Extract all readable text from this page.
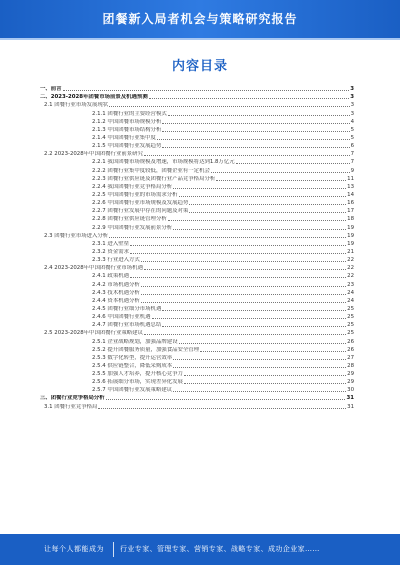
团餐新入局者机会与策略研究报告
内容目录
一、前言	3
二、2023-2028年团餐市场前景及机遇预测	3
2.1 团餐行业市场发展现状	3
2.1.1 团餐行业的主要经营模式	3
2.1.2 中国团餐市场规模分析	4
2.1.3 中国团餐市场结构分析	5
2.1.4 中国团餐行业集中度	5
2.1.5 中国团餐行业发展趋势	6
2.2 2023-2028年中国团餐行业前景研究	7
2.2.1 我国团餐市场规模及增速，市场规模将达到1.8万亿元	7
2.2.2 团餐行业集中度较低，团餐企业有一定机会	9
2.2.3 团餐行业供应链及团餐行业产品竞争格局分析	11
2.2.4 我国团餐行业竞争格局分析	13
2.2.5 中国团餐行业的市场需求分析	14
2.2.6 中国团餐行业市场规模及发展趋势	16
2.2.7 团餐行业发展中存在的问题及对策	17
2.2.8 团餐行业供应链管理分析	18
2.2.9 中国团餐行业发展前景分析	19
2.3 团餐行业市场进入分析	19
2.3.1 进入壁垒	19
2.3.2 资金需求	21
2.3.3 行业进入方式	22
2.4 2023-2028年中国团餐行业市场机遇	22
2.4.1 政策机遇	22
2.4.2 市场机遇分析	23
2.4.3 技术机遇分析	24
2.4.4 资本机遇分析	24
2.4.5 团餐行业细分市场机遇	25
2.4.6 中国团餐行业机遇	25
2.4.7 团餐行业市场机遇总结	25
2.5 2023-2028年中国团餐行业策略建议	25
2.5.1 企业战略规划，加强品牌建设	26
2.5.2 提升团餐服务质量，加强食品安全管理	26
2.5.3 数字化转型，提升运营效率	27
2.5.4 供应链整合，降低采购成本	28
2.5.5 加强人才培养，提升核心竞争力	29
2.5.6 拓展细分市场，实现差异化发展	29
2.5.7 中国团餐行业发展策略建议	30
三、团餐行业竞争格局分析	31
3.1 团餐行业竞争格局	31
让每个人都能成为 行业专家、管理专家、营销专家、战略专家、成功企业家……
